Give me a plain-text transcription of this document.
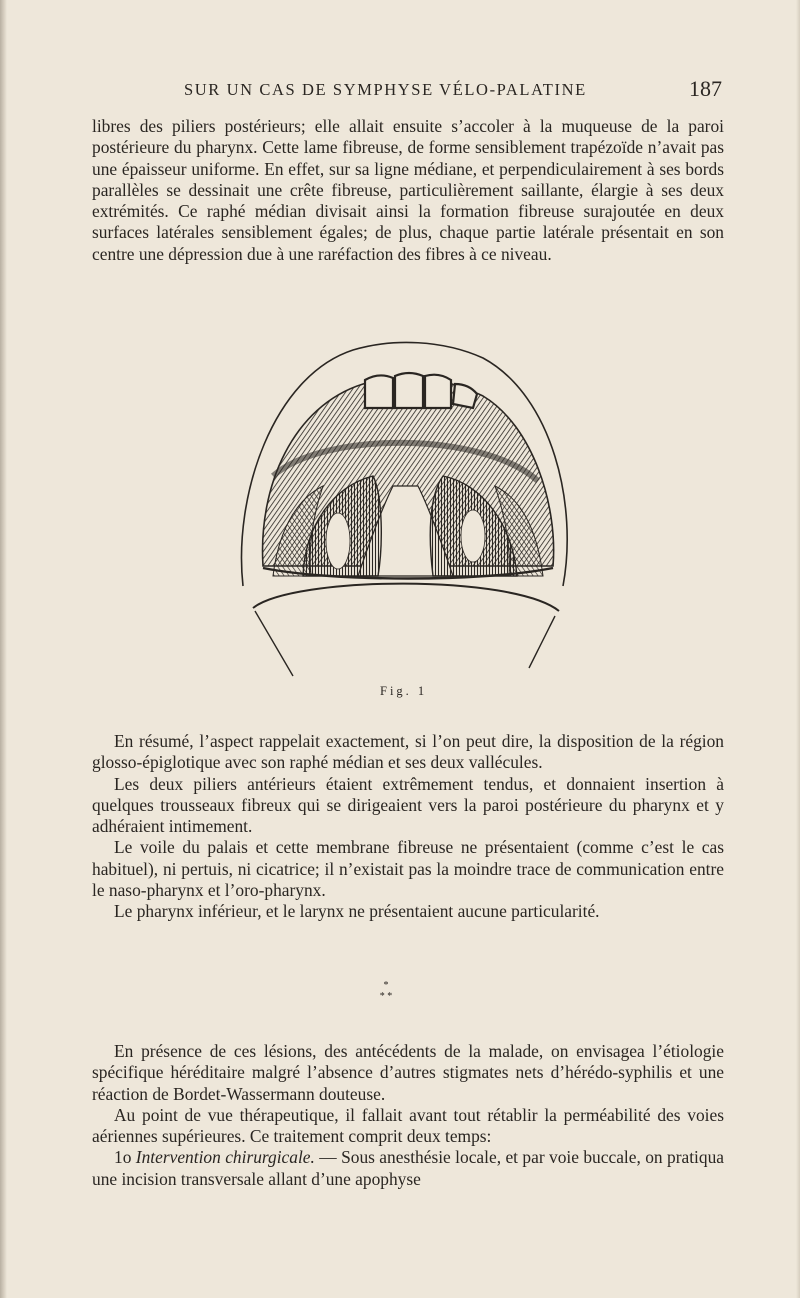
SUR UN CAS DE SYMPHYSE VÉLO-PALATINE	187

libres des piliers postérieurs; elle allait ensuite s’accoler à la muqueuse de la paroi postérieure du pharynx. Cette lame fibreuse, de forme sensiblement trapézoïde n’avait pas une épaisseur uniforme. En effet, sur sa ligne médiane, et perpendiculairement à ses bords parallèles se dessinait une crête fibreuse, particulièrement saillante, élargie à ses deux extrémités. Ce raphé médian divisait ainsi la formation fibreuse surajoutée en deux surfaces latérales sensiblement égales; de plus, chaque partie latérale présentait en son centre une dépression due à une raréfaction des fibres à ce niveau.

Fig. 1

En résumé, l’aspect rappelait exactement, si l’on peut dire, la disposition de la région glosso-épiglotique avec son raphé médian et ses deux vallécules.

Les deux piliers antérieurs étaient extrêmement tendus, et donnaient insertion à quelques trousseaux fibreux qui se dirigeaient vers la paroi postérieure du pharynx et y adhéraient intimement.

Le voile du palais et cette membrane fibreuse ne présentaient (comme c’est le cas habituel), ni pertuis, ni cicatrice; il n’existait pas la moindre trace de communication entre le naso-pharynx et l’oro-pharynx.

Le pharynx inférieur, et le larynx ne présentaient aucune particularité.

*
* *

En présence de ces lésions, des antécédents de la malade, on envisagea l’étiologie spécifique héréditaire malgré l’absence d’autres stigmates nets d’hérédo-syphilis et une réaction de Bordet-Wassermann douteuse.

Au point de vue thérapeutique, il fallait avant tout rétablir la perméabilité des voies aériennes supérieures. Ce traitement comprit deux temps:

1o Intervention chirurgicale. — Sous anesthésie locale, et par voie buccale, on pratiqua une incision transversale allant d’une apophyse
